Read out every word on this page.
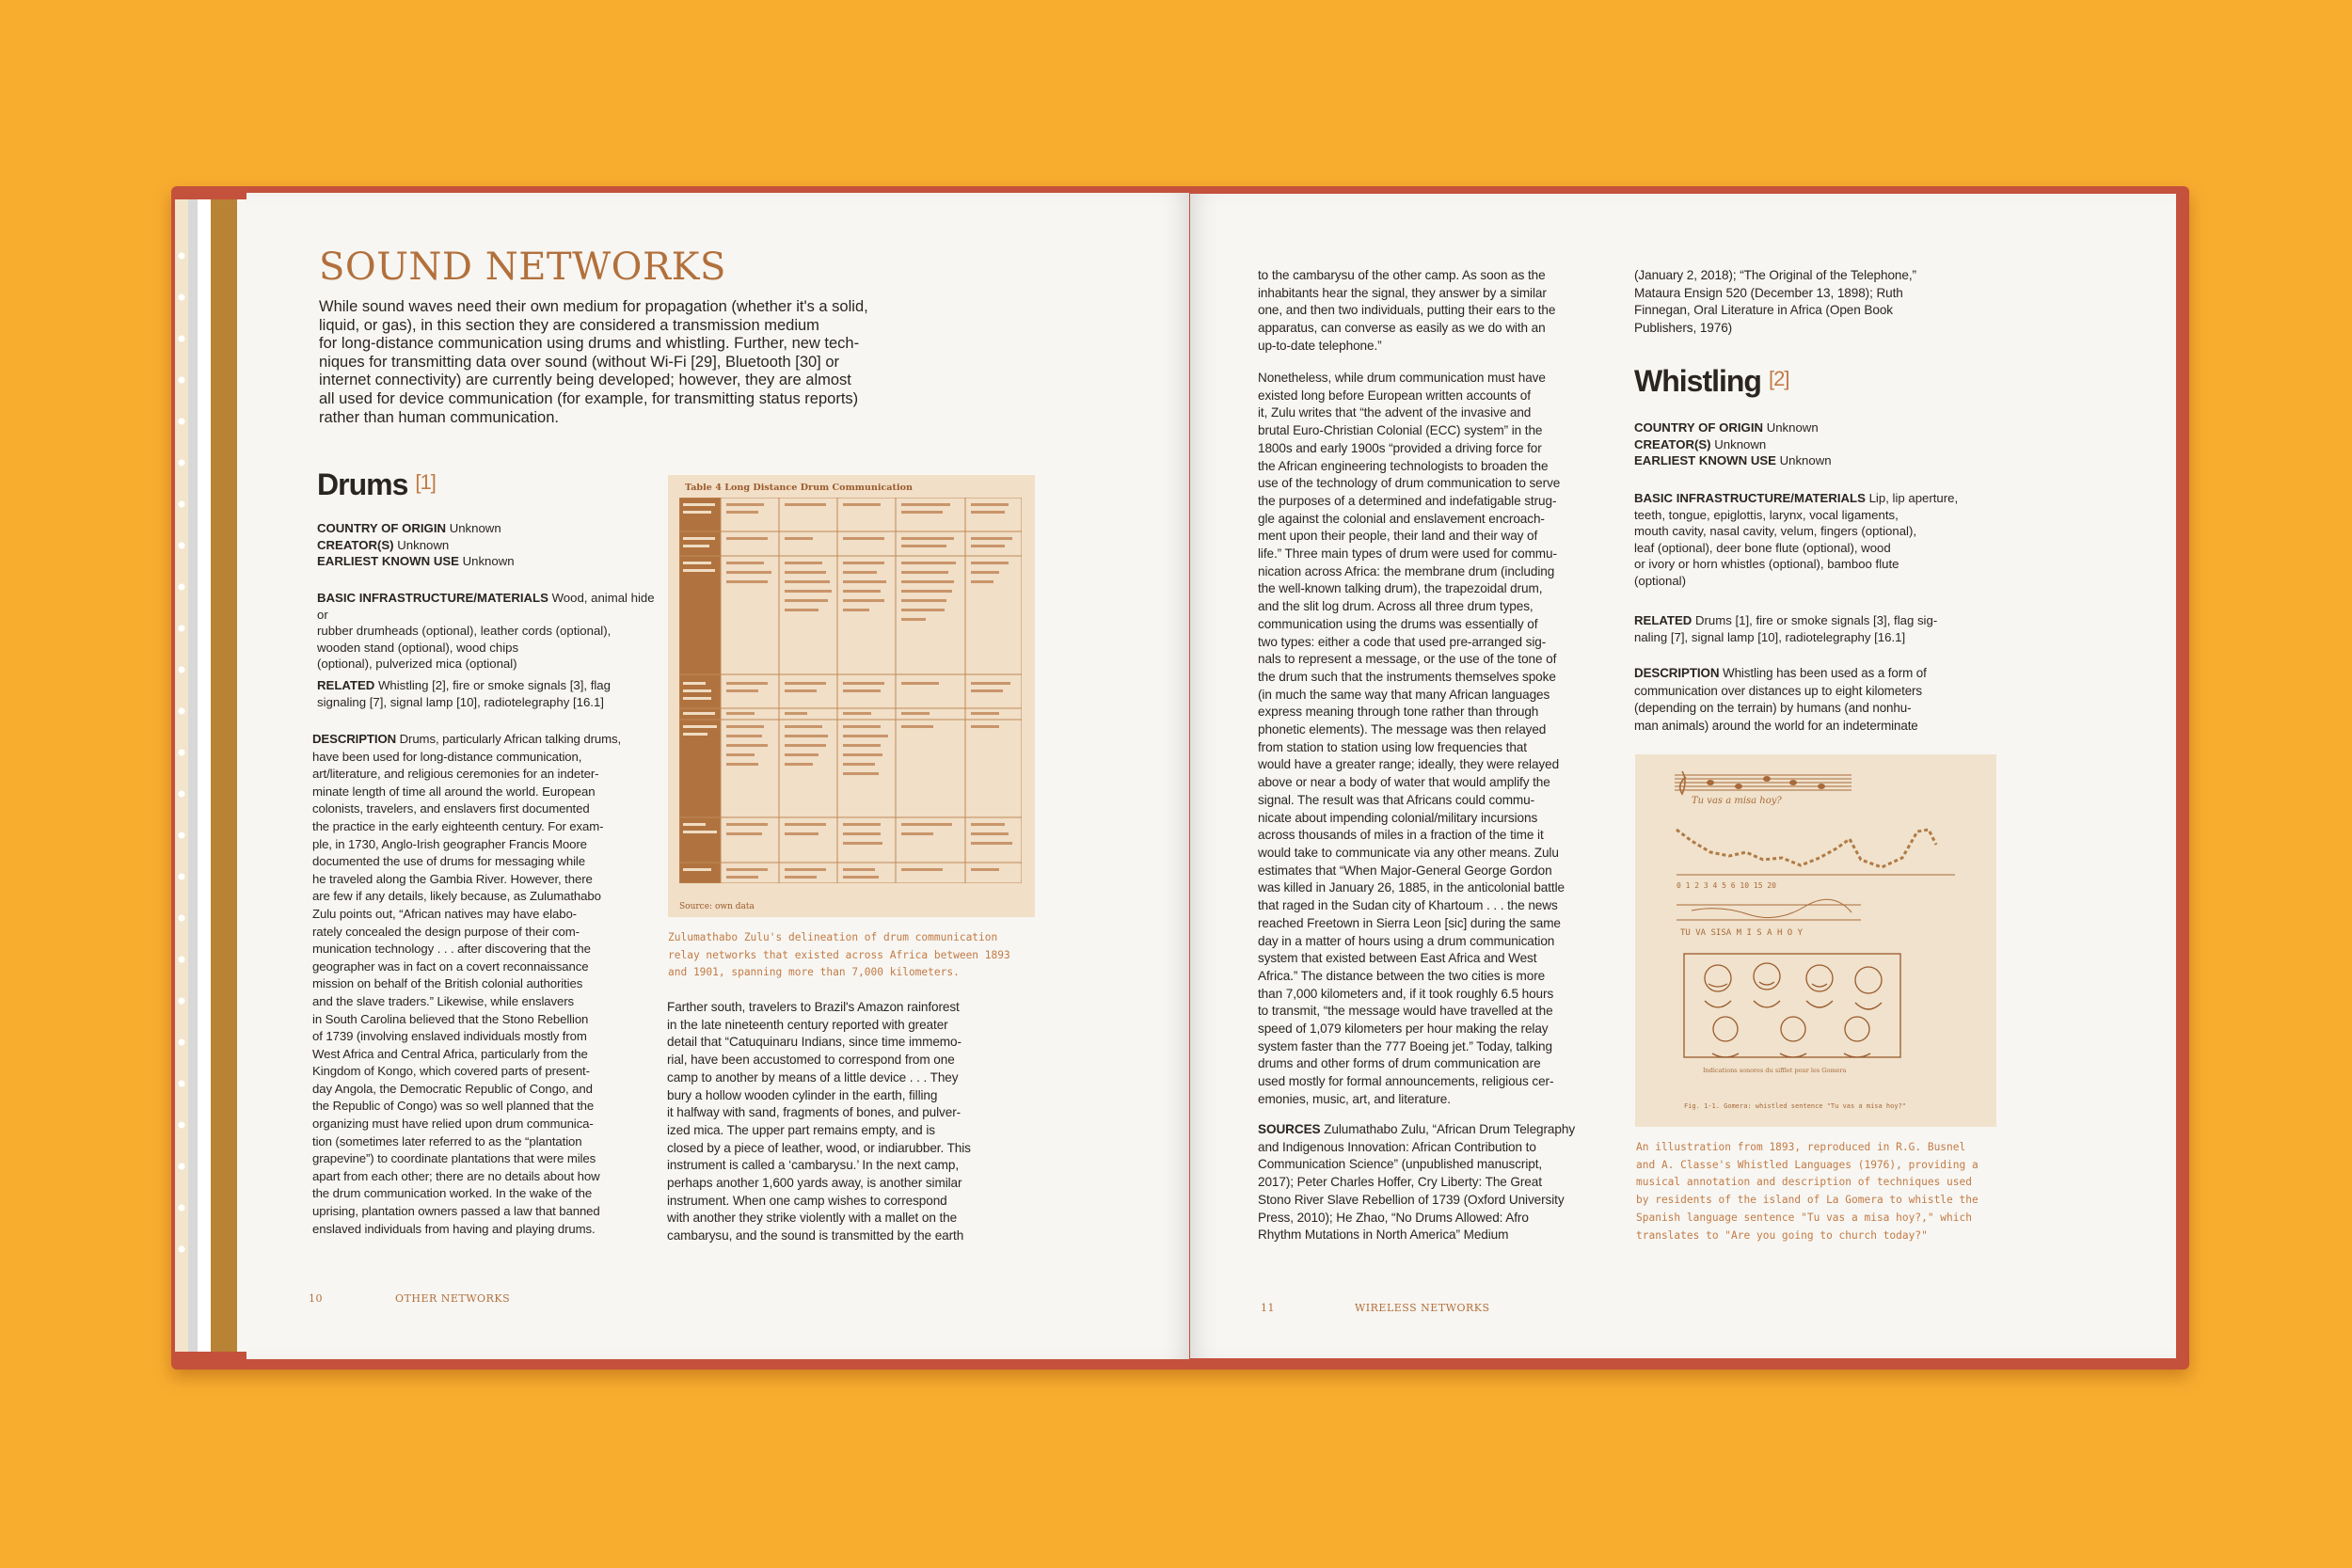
SOUND NETWORKS
While sound waves need their own medium for propagation (whether it's a solid,
liquid, or gas), in this section they are considered a transmission medium
for long-distance communication using drums and whistling. Further, new tech-
niques for transmitting data over sound (without Wi-Fi [29], Bluetooth [30] or
internet connectivity) are currently being developed; however, they are almost
all used for device communication (for example, for transmitting status reports)
rather than human communication.
Drums [1]
COUNTRY OF ORIGIN Unknown
CREATOR(S) Unknown
EARLIEST KNOWN USE Unknown
BASIC INFRASTRUCTURE/MATERIALS Wood, animal hide or
rubber drumheads (optional), leather cords (optional),
wooden stand (optional), wood chips
(optional), pulverized mica (optional)
RELATED Whistling [2], fire or smoke signals [3], flag
signaling [7], signal lamp [10], radiotelegraphy [16.1]
DESCRIPTION Drums, particularly African talking drums,
have been used for long-distance communication,
art/literature, and religious ceremonies for an indeter-
minate length of time all around the world. European
colonists, travelers, and enslavers first documented
the practice in the early eighteenth century. For exam-
ple, in 1730, Anglo-Irish geographer Francis Moore
documented the use of drums for messaging while
he traveled along the Gambia River. However, there
are few if any details, likely because, as Zulumathabo
Zulu points out, “African natives may have elabo-
rately concealed the design purpose of their com-
munication technology . . . after discovering that the
geographer was in fact on a covert reconnaissance
mission on behalf of the British colonial authorities
and the slave traders.” Likewise, while enslavers
in South Carolina believed that the Stono Rebellion
of 1739 (involving enslaved individuals mostly from
West Africa and Central Africa, particularly from the
Kingdom of Kongo, which covered parts of present-
day Angola, the Democratic Republic of Congo, and
the Republic of Congo) was so well planned that the
organizing must have relied upon drum communica-
tion (sometimes later referred to as the “plantation
grapevine”) to coordinate plantations that were miles
apart from each other; there are no details about how
the drum communication worked. In the wake of the
uprising, plantation owners passed a law that banned
enslaved individuals from having and playing drums.
Table 4 Long Distance Drum Communication
Source: own data
Zulumathabo Zulu's delineation of drum communication
relay networks that existed across Africa between 1893
and 1901, spanning more than 7,000 kilometers.
Farther south, travelers to Brazil's Amazon rainforest
in the late nineteenth century reported with greater
detail that “Catuquinaru Indians, since time immemo-
rial, have been accustomed to correspond from one
camp to another by means of a little device . . . They
bury a hollow wooden cylinder in the earth, filling
it halfway with sand, fragments of bones, and pulver-
ized mica. The upper part remains empty, and is
closed by a piece of leather, wood, or indiarubber. This
instrument is called a ‘cambarysu.’ In the next camp,
perhaps another 1,600 yards away, is another similar
instrument. When one camp wishes to correspond
with another they strike violently with a mallet on the
cambarysu, and the sound is transmitted by the earth
10	OTHER NETWORKS
to the cambarysu of the other camp. As soon as the
inhabitants hear the signal, they answer by a similar
one, and then two individuals, putting their ears to the
apparatus, can converse as easily as we do with an
up-to-date telephone.”
Nonetheless, while drum communication must have
existed long before European written accounts of
it, Zulu writes that “the advent of the invasive and
brutal Euro-Christian Colonial (ECC) system” in the
1800s and early 1900s “provided a driving force for
the African engineering technologists to broaden the
use of the technology of drum communication to serve
the purposes of a determined and indefatigable strug-
gle against the colonial and enslavement encroach-
ment upon their people, their land and their way of
life.” Three main types of drum were used for commu-
nication across Africa: the membrane drum (including
the well-known talking drum), the trapezoidal drum,
and the slit log drum. Across all three drum types,
communication using the drums was essentially of
two types: either a code that used pre-arranged sig-
nals to represent a message, or the use of the tone of
the drum such that the instruments themselves spoke
(in much the same way that many African languages
express meaning through tone rather than through
phonetic elements). The message was then relayed
from station to station using low frequencies that
would have a greater range; ideally, they were relayed
above or near a body of water that would amplify the
signal. The result was that Africans could commu-
nicate about impending colonial/military incursions
across thousands of miles in a fraction of the time it
would take to communicate via any other means. Zulu
estimates that “When Major-General George Gordon
was killed in January 26, 1885, in the anticolonial battle
that raged in the Sudan city of Khartoum . . . the news
reached Freetown in Sierra Leon [sic] during the same
day in a matter of hours using a drum communication
system that existed between East Africa and West
Africa.” The distance between the two cities is more
than 7,000 kilometers and, if it took roughly 6.5 hours
to transmit, “the message would have travelled at the
speed of 1,079 kilometers per hour making the relay
system faster than the 777 Boeing jet.” Today, talking
drums and other forms of drum communication are
used mostly for formal announcements, religious cer-
emonies, music, art, and literature.
SOURCES Zulumathabo Zulu, “African Drum Telegraphy
and Indigenous Innovation: African Contribution to
Communication Science” (unpublished manuscript,
2017); Peter Charles Hoffer, Cry Liberty: The Great
Stono River Slave Rebellion of 1739 (Oxford University
Press, 2010); He Zhao, “No Drums Allowed: Afro
Rhythm Mutations in North America” Medium
(January 2, 2018); “The Original of the Telephone,”
Mataura Ensign 520 (December 13, 1898); Ruth
Finnegan, Oral Literature in Africa (Open Book
Publishers, 1976)
Whistling [2]
COUNTRY OF ORIGIN Unknown
CREATOR(S) Unknown
EARLIEST KNOWN USE Unknown
BASIC INFRASTRUCTURE/MATERIALS Lip, lip aperture,
teeth, tongue, epiglottis, larynx, vocal ligaments,
mouth cavity, nasal cavity, velum, fingers (optional),
leaf (optional), deer bone flute (optional), wood
or ivory or horn whistles (optional), bamboo flute
(optional)
RELATED Drums [1], fire or smoke signals [3], flag sig-
naling [7], signal lamp [10], radiotelegraphy [16.1]
DESCRIPTION Whistling has been used as a form of
communication over distances up to eight kilometers
(depending on the terrain) by humans (and nonhu-
man animals) around the world for an indeterminate
Tu vas a misa hoy?
0 1 2 3 4 5 6 10 15 20
TU VA SISA M I S A H O Y
Indications sonores du sifflet pour les Gomera
Fig. 1-1. Gomera: whistled sentence "Tu vas a misa hoy?"
An illustration from 1893, reproduced in R.G. Busnel
and A. Classe's Whistled Languages (1976), providing a
musical annotation and description of techniques used
by residents of the island of La Gomera to whistle the
Spanish language sentence "Tu vas a misa hoy?," which
translates to "Are you going to church today?"
11	WIRELESS NETWORKS
